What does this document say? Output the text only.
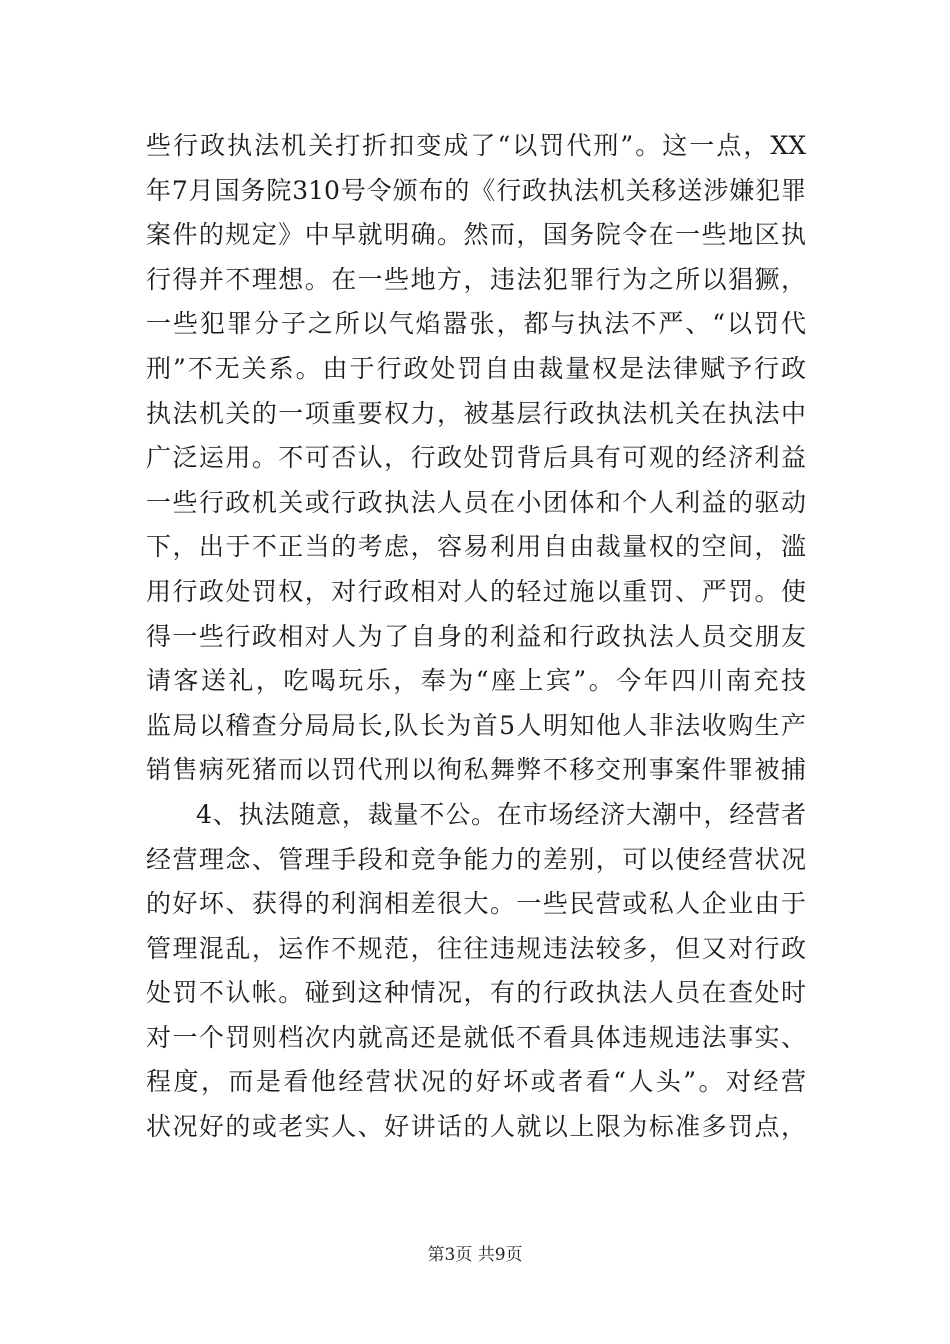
些行政执法机关打折扣变成了“以罚代刑”。这一点，XX
年7月国务院310号令颁布的《行政执法机关移送涉嫌犯罪
案件的规定》中早就明确。然而，国务院令在一些地区执
行得并不理想。在一些地方，违法犯罪行为之所以猖獗，
一些犯罪分子之所以气焰嚣张，都与执法不严、“以罚代
刑”不无关系。由于行政处罚自由裁量权是法律赋予行政
执法机关的一项重要权力，被基层行政执法机关在执法中
广泛运用。不可否认，行政处罚背后具有可观的经济利益
一些行政机关或行政执法人员在小团体和个人利益的驱动
下，出于不正当的考虑，容易利用自由裁量权的空间，滥
用行政处罚权，对行政相对人的轻过施以重罚、严罚。使
得一些行政相对人为了自身的利益和行政执法人员交朋友
请客送礼，吃喝玩乐，奉为“座上宾”。今年四川南充技
监局以稽查分局局长,队长为首5人明知他人非法收购生产
销售病死猪而以罚代刑以徇私舞弊不移交刑事案件罪被捕
4、执法随意，裁量不公。在市场经济大潮中，经营者
经营理念、管理手段和竞争能力的差别，可以使经营状况
的好坏、获得的利润相差很大。一些民营或私人企业由于
管理混乱，运作不规范，往往违规违法较多，但又对行政
处罚不认帐。碰到这种情况，有的行政执法人员在查处时
对一个罚则档次内就高还是就低不看具体违规违法事实、
程度，而是看他经营状况的好坏或者看“人头”。对经营
状况好的或老实人、好讲话的人就以上限为标准多罚点，
第3页 共9页
